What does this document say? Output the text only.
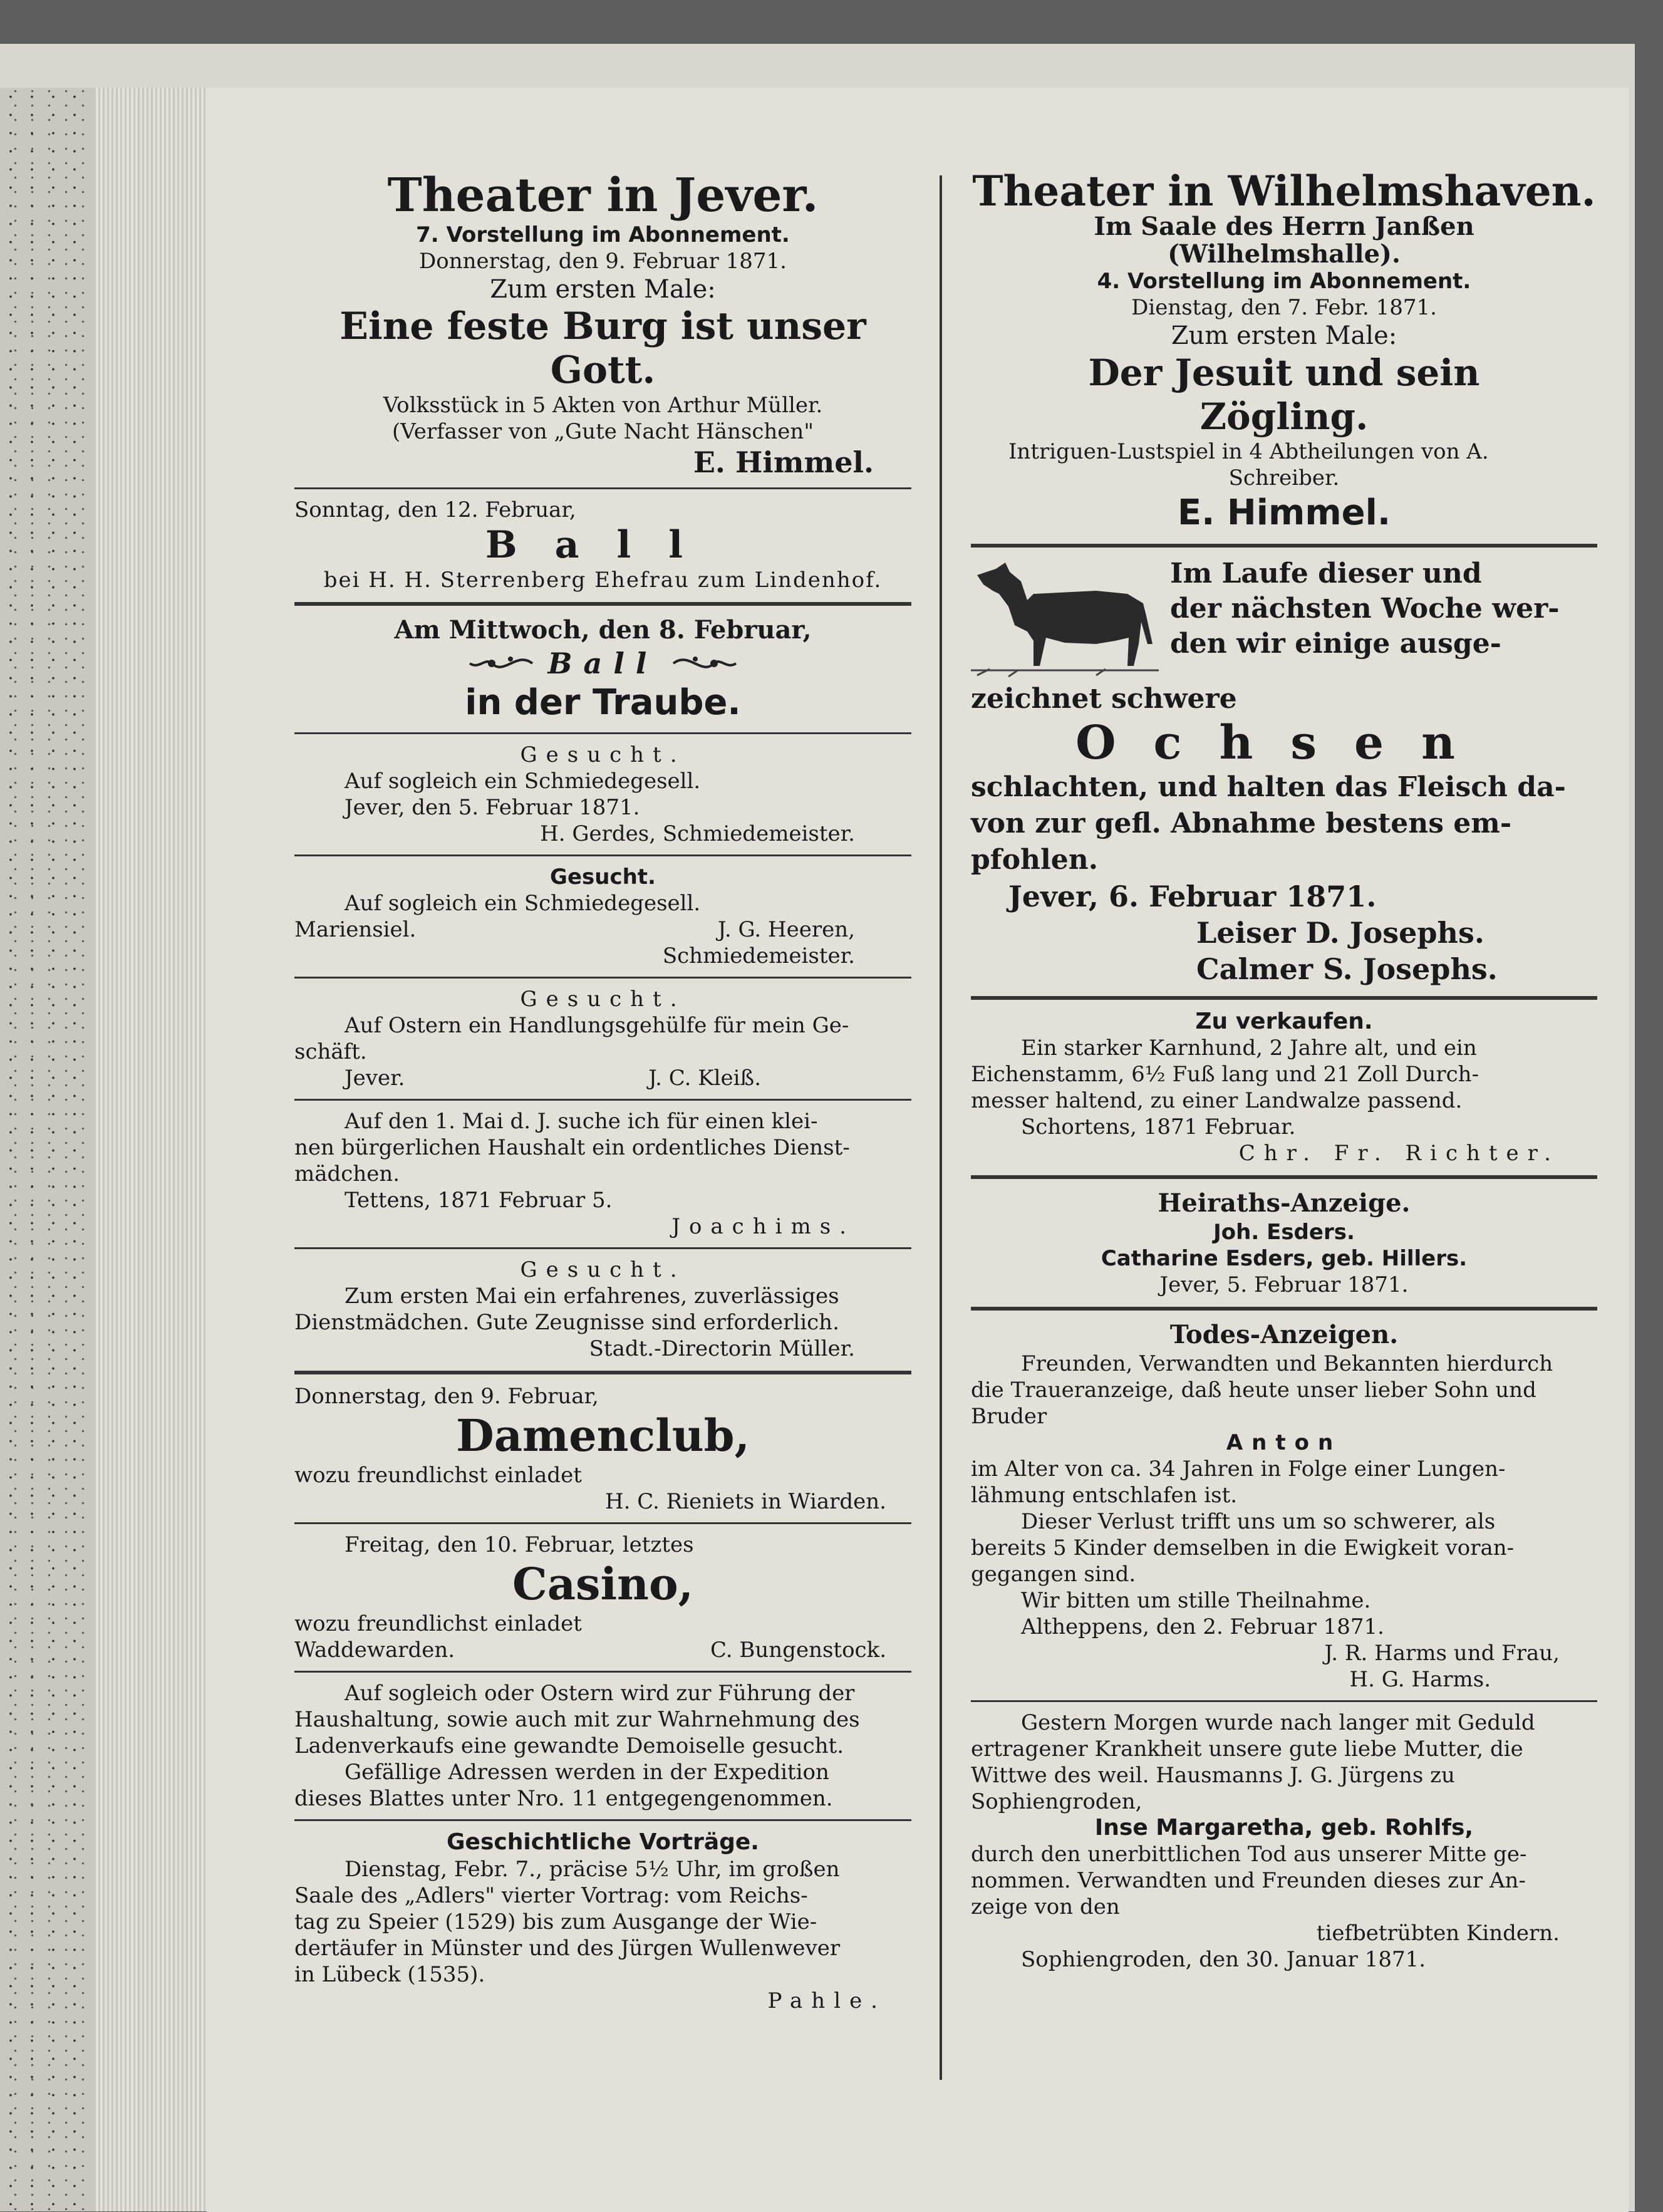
Theater in Jever.
7. Vorstellung im Abonnement.
Donnerstag, den 9. Februar 1871.
Zum ersten Male:
Eine feste Burg ist unser
Gott.
Volksstück in 5 Akten von Arthur Müller.
(Verfasser von „Gute Nacht Hänschen"
E. Himmel.
Sonntag, den 12. Februar,
Ball
bei H. H. Sterrenberg Ehefrau zum Lindenhof.
Am Mittwoch, den 8. Februar,
Ball
in der Traube.
Gesucht.
Auf sogleich ein Schmiedegesell.
Jever, den 5. Februar 1871.
H. Gerdes, Schmiedemeister.
Gesucht.
Auf sogleich ein Schmiedegesell.
Mariensiel.	J. G. Heeren,
Schmiedemeister.
Gesucht.
Auf Ostern ein Handlungsgehülfe für mein Ge-
schäft.
Jever.	J. C. Kleiß.
Auf den 1. Mai d. J. suche ich für einen klei-
nen bürgerlichen Haushalt ein ordentliches Dienst-
mädchen.
Tettens, 1871 Februar 5.
Joachims.
Gesucht.
Zum ersten Mai ein erfahrenes, zuverlässiges
Dienstmädchen. Gute Zeugnisse sind erforderlich.
Stadt.-Directorin Müller.
Donnerstag, den 9. Februar,
Damenclub,
wozu freundlichst einladet
H. C. Rieniets in Wiarden.
Freitag, den 10. Februar, letztes
Casino,
wozu freundlichst einladet
Waddewarden.	C. Bungenstock.
Auf sogleich oder Ostern wird zur Führung der
Haushaltung, sowie auch mit zur Wahrnehmung des
Ladenverkaufs eine gewandte Demoiselle gesucht.
Gefällige Adressen werden in der Expedition
dieses Blattes unter Nro. 11 entgegengenommen.
Geschichtliche Vorträge.
Dienstag, Febr. 7., präcise 5½ Uhr, im großen
Saale des „Adlers" vierter Vortrag: vom Reichs-
tag zu Speier (1529) bis zum Ausgange der Wie-
dertäufer in Münster und des Jürgen Wullenwever
in Lübeck (1535).
Pahle.
Theater in Wilhelmshaven.
Im Saale des Herrn Janßen
(Wilhelmshalle).
4. Vorstellung im Abonnement.
Dienstag, den 7. Febr. 1871.
Zum ersten Male:
Der Jesuit und sein
Zögling.
Intriguen-Lustspiel in 4 Abtheilungen von A.
Schreiber.
E. Himmel.
Im Laufe dieser und
der nächsten Woche wer-
den wir einige ausge-
zeichnet schwere
Ochsen
schlachten, und halten das Fleisch da-
von zur gefl. Abnahme bestens em-
pfohlen.
Jever, 6. Februar 1871.
Leiser D. Josephs.
Calmer S. Josephs.
Zu verkaufen.
Ein starker Karnhund, 2 Jahre alt, und ein
Eichenstamm, 6½ Fuß lang und 21 Zoll Durch-
messer haltend, zu einer Landwalze passend.
Schortens, 1871 Februar.
Chr. Fr. Richter.
Heiraths-Anzeige.
Joh. Esders.
Catharine Esders, geb. Hillers.
Jever, 5. Februar 1871.
Todes-Anzeigen.
Freunden, Verwandten und Bekannten hierdurch
die Traueranzeige, daß heute unser lieber Sohn und
Bruder
Anton
im Alter von ca. 34 Jahren in Folge einer Lungen-
lähmung entschlafen ist.
Dieser Verlust trifft uns um so schwerer, als
bereits 5 Kinder demselben in die Ewigkeit voran-
gegangen sind.
Wir bitten um stille Theilnahme.
Altheppens, den 2. Februar 1871.
J. R. Harms und Frau,
H. G. Harms.
Gestern Morgen wurde nach langer mit Geduld
ertragener Krankheit unsere gute liebe Mutter, die
Wittwe des weil. Hausmanns J. G. Jürgens zu
Sophiengroden,
Inse Margaretha, geb. Rohlfs,
durch den unerbittlichen Tod aus unserer Mitte ge-
nommen. Verwandten und Freunden dieses zur An-
zeige von den
tiefbetrübten Kindern.
Sophiengroden, den 30. Januar 1871.
